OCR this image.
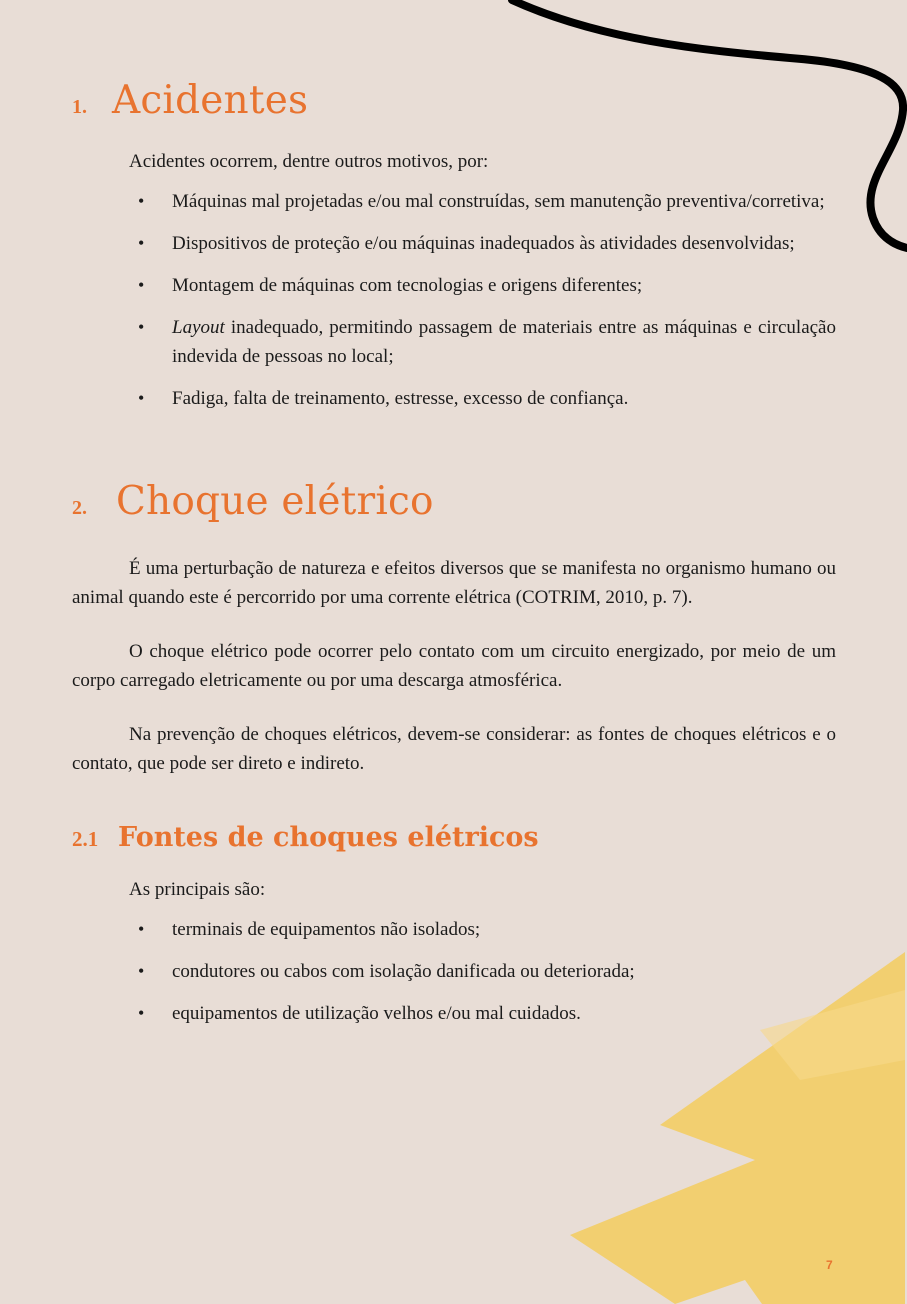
1. Acidentes

Acidentes ocorrem, dentre outros motivos, por:

• Máquinas mal projetadas e/ou mal construídas, sem manutenção preventiva/corretiva;
• Dispositivos de proteção e/ou máquinas inadequados às atividades desenvolvidas;
• Montagem de máquinas com tecnologias e origens diferentes;
• Layout inadequado, permitindo passagem de materiais entre as máquinas e circulação indevida de pessoas no local;
• Fadiga, falta de treinamento, estresse, excesso de confiança.
2. Choque elétrico

É uma perturbação de natureza e efeitos diversos que se manifesta no organismo humano ou animal quando este é percorrido por uma corrente elétrica (COTRIM, 2010, p. 7).

O choque elétrico pode ocorrer pelo contato com um circuito energizado, por meio de um corpo carregado eletricamente ou por uma descarga atmosférica.

Na prevenção de choques elétricos, devem-se considerar: as fontes de choques elétricos e o contato, que pode ser direto e indireto.

2.1 Fontes de choques elétricos

As principais são:

• terminais de equipamentos não isolados;
• condutores ou cabos com isolação danificada ou deteriorada;
• equipamentos de utilização velhos e/ou mal cuidados.
7
